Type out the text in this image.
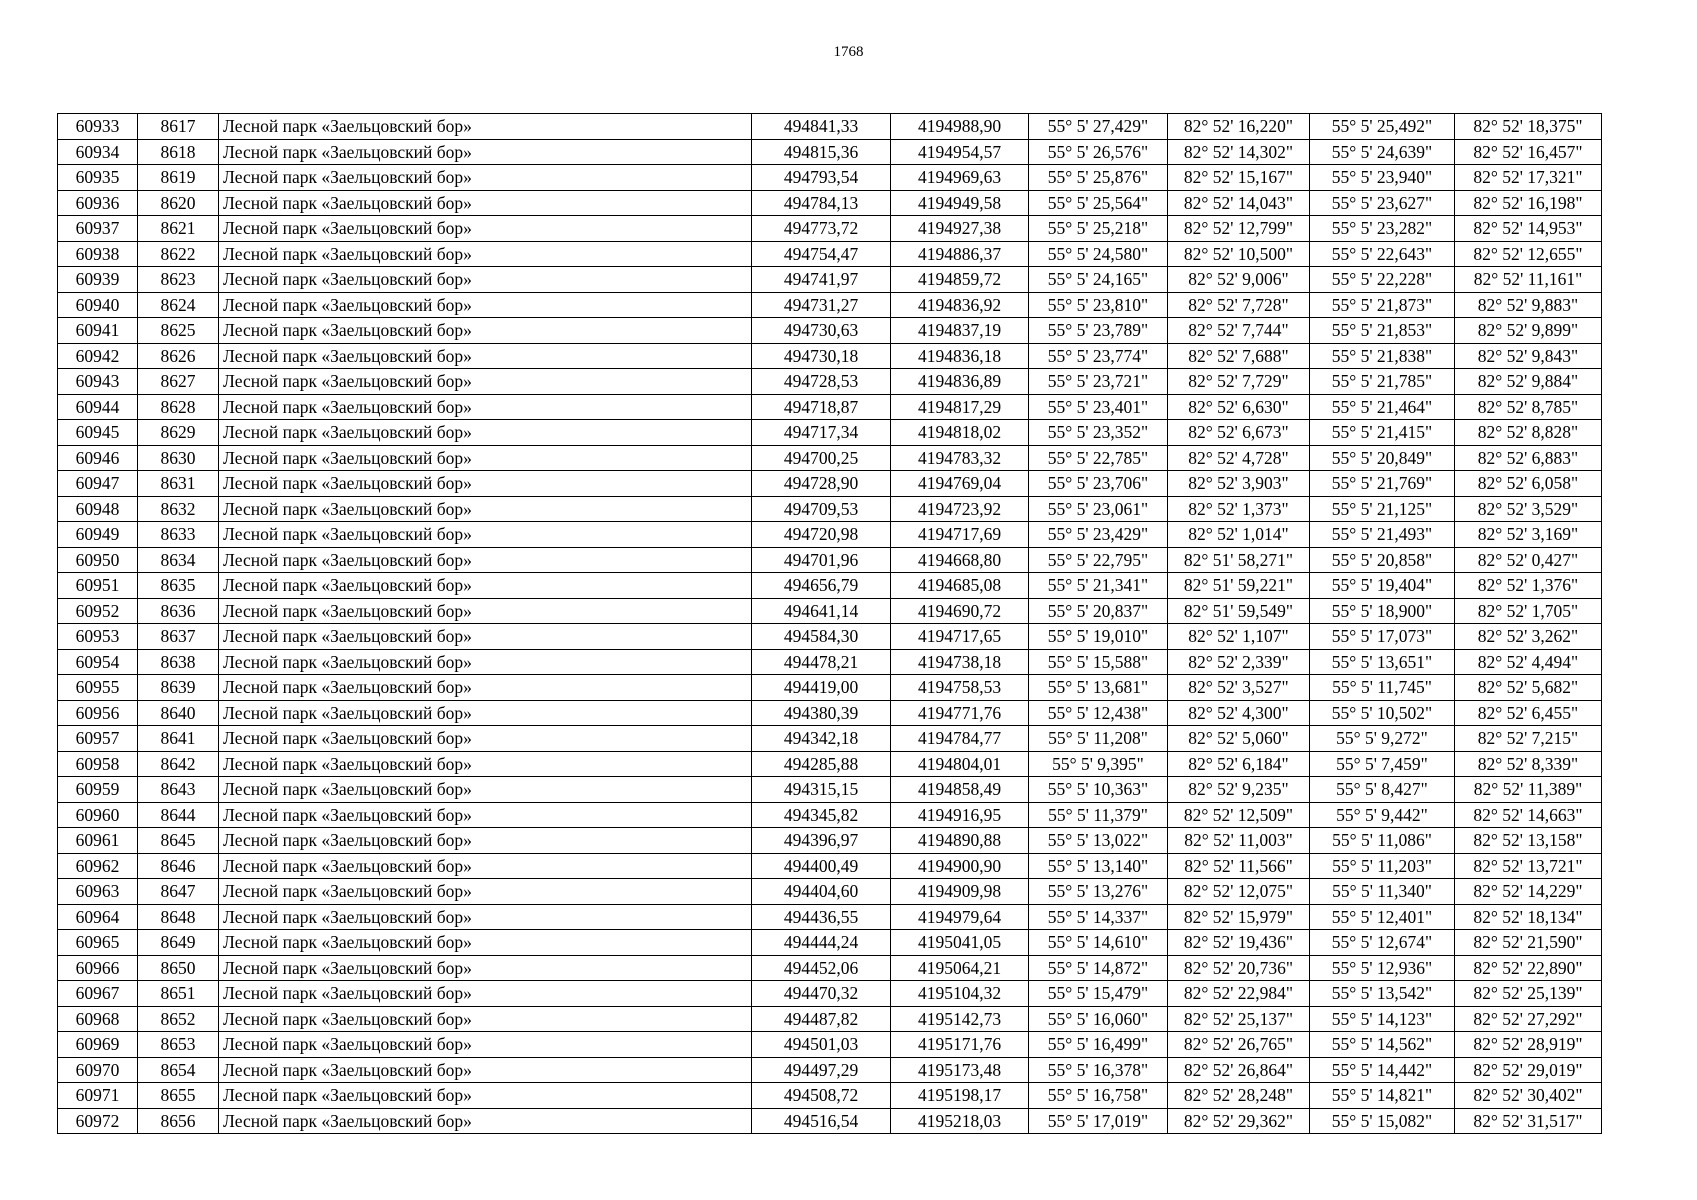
1768
60933	8617	Лесной парк «Заельцовский бор»	494841,33	4194988,90	55° 5' 27,429"	82° 52' 16,220"	55° 5' 25,492"	82° 52' 18,375"
60934	8618	Лесной парк «Заельцовский бор»	494815,36	4194954,57	55° 5' 26,576"	82° 52' 14,302"	55° 5' 24,639"	82° 52' 16,457"
60935	8619	Лесной парк «Заельцовский бор»	494793,54	4194969,63	55° 5' 25,876"	82° 52' 15,167"	55° 5' 23,940"	82° 52' 17,321"
60936	8620	Лесной парк «Заельцовский бор»	494784,13	4194949,58	55° 5' 25,564"	82° 52' 14,043"	55° 5' 23,627"	82° 52' 16,198"
60937	8621	Лесной парк «Заельцовский бор»	494773,72	4194927,38	55° 5' 25,218"	82° 52' 12,799"	55° 5' 23,282"	82° 52' 14,953"
60938	8622	Лесной парк «Заельцовский бор»	494754,47	4194886,37	55° 5' 24,580"	82° 52' 10,500"	55° 5' 22,643"	82° 52' 12,655"
60939	8623	Лесной парк «Заельцовский бор»	494741,97	4194859,72	55° 5' 24,165"	82° 52' 9,006"	55° 5' 22,228"	82° 52' 11,161"
60940	8624	Лесной парк «Заельцовский бор»	494731,27	4194836,92	55° 5' 23,810"	82° 52' 7,728"	55° 5' 21,873"	82° 52' 9,883"
60941	8625	Лесной парк «Заельцовский бор»	494730,63	4194837,19	55° 5' 23,789"	82° 52' 7,744"	55° 5' 21,853"	82° 52' 9,899"
60942	8626	Лесной парк «Заельцовский бор»	494730,18	4194836,18	55° 5' 23,774"	82° 52' 7,688"	55° 5' 21,838"	82° 52' 9,843"
60943	8627	Лесной парк «Заельцовский бор»	494728,53	4194836,89	55° 5' 23,721"	82° 52' 7,729"	55° 5' 21,785"	82° 52' 9,884"
60944	8628	Лесной парк «Заельцовский бор»	494718,87	4194817,29	55° 5' 23,401"	82° 52' 6,630"	55° 5' 21,464"	82° 52' 8,785"
60945	8629	Лесной парк «Заельцовский бор»	494717,34	4194818,02	55° 5' 23,352"	82° 52' 6,673"	55° 5' 21,415"	82° 52' 8,828"
60946	8630	Лесной парк «Заельцовский бор»	494700,25	4194783,32	55° 5' 22,785"	82° 52' 4,728"	55° 5' 20,849"	82° 52' 6,883"
60947	8631	Лесной парк «Заельцовский бор»	494728,90	4194769,04	55° 5' 23,706"	82° 52' 3,903"	55° 5' 21,769"	82° 52' 6,058"
60948	8632	Лесной парк «Заельцовский бор»	494709,53	4194723,92	55° 5' 23,061"	82° 52' 1,373"	55° 5' 21,125"	82° 52' 3,529"
60949	8633	Лесной парк «Заельцовский бор»	494720,98	4194717,69	55° 5' 23,429"	82° 52' 1,014"	55° 5' 21,493"	82° 52' 3,169"
60950	8634	Лесной парк «Заельцовский бор»	494701,96	4194668,80	55° 5' 22,795"	82° 51' 58,271"	55° 5' 20,858"	82° 52' 0,427"
60951	8635	Лесной парк «Заельцовский бор»	494656,79	4194685,08	55° 5' 21,341"	82° 51' 59,221"	55° 5' 19,404"	82° 52' 1,376"
60952	8636	Лесной парк «Заельцовский бор»	494641,14	4194690,72	55° 5' 20,837"	82° 51' 59,549"	55° 5' 18,900"	82° 52' 1,705"
60953	8637	Лесной парк «Заельцовский бор»	494584,30	4194717,65	55° 5' 19,010"	82° 52' 1,107"	55° 5' 17,073"	82° 52' 3,262"
60954	8638	Лесной парк «Заельцовский бор»	494478,21	4194738,18	55° 5' 15,588"	82° 52' 2,339"	55° 5' 13,651"	82° 52' 4,494"
60955	8639	Лесной парк «Заельцовский бор»	494419,00	4194758,53	55° 5' 13,681"	82° 52' 3,527"	55° 5' 11,745"	82° 52' 5,682"
60956	8640	Лесной парк «Заельцовский бор»	494380,39	4194771,76	55° 5' 12,438"	82° 52' 4,300"	55° 5' 10,502"	82° 52' 6,455"
60957	8641	Лесной парк «Заельцовский бор»	494342,18	4194784,77	55° 5' 11,208"	82° 52' 5,060"	55° 5' 9,272"	82° 52' 7,215"
60958	8642	Лесной парк «Заельцовский бор»	494285,88	4194804,01	55° 5' 9,395"	82° 52' 6,184"	55° 5' 7,459"	82° 52' 8,339"
60959	8643	Лесной парк «Заельцовский бор»	494315,15	4194858,49	55° 5' 10,363"	82° 52' 9,235"	55° 5' 8,427"	82° 52' 11,389"
60960	8644	Лесной парк «Заельцовский бор»	494345,82	4194916,95	55° 5' 11,379"	82° 52' 12,509"	55° 5' 9,442"	82° 52' 14,663"
60961	8645	Лесной парк «Заельцовский бор»	494396,97	4194890,88	55° 5' 13,022"	82° 52' 11,003"	55° 5' 11,086"	82° 52' 13,158"
60962	8646	Лесной парк «Заельцовский бор»	494400,49	4194900,90	55° 5' 13,140"	82° 52' 11,566"	55° 5' 11,203"	82° 52' 13,721"
60963	8647	Лесной парк «Заельцовский бор»	494404,60	4194909,98	55° 5' 13,276"	82° 52' 12,075"	55° 5' 11,340"	82° 52' 14,229"
60964	8648	Лесной парк «Заельцовский бор»	494436,55	4194979,64	55° 5' 14,337"	82° 52' 15,979"	55° 5' 12,401"	82° 52' 18,134"
60965	8649	Лесной парк «Заельцовский бор»	494444,24	4195041,05	55° 5' 14,610"	82° 52' 19,436"	55° 5' 12,674"	82° 52' 21,590"
60966	8650	Лесной парк «Заельцовский бор»	494452,06	4195064,21	55° 5' 14,872"	82° 52' 20,736"	55° 5' 12,936"	82° 52' 22,890"
60967	8651	Лесной парк «Заельцовский бор»	494470,32	4195104,32	55° 5' 15,479"	82° 52' 22,984"	55° 5' 13,542"	82° 52' 25,139"
60968	8652	Лесной парк «Заельцовский бор»	494487,82	4195142,73	55° 5' 16,060"	82° 52' 25,137"	55° 5' 14,123"	82° 52' 27,292"
60969	8653	Лесной парк «Заельцовский бор»	494501,03	4195171,76	55° 5' 16,499"	82° 52' 26,765"	55° 5' 14,562"	82° 52' 28,919"
60970	8654	Лесной парк «Заельцовский бор»	494497,29	4195173,48	55° 5' 16,378"	82° 52' 26,864"	55° 5' 14,442"	82° 52' 29,019"
60971	8655	Лесной парк «Заельцовский бор»	494508,72	4195198,17	55° 5' 16,758"	82° 52' 28,248"	55° 5' 14,821"	82° 52' 30,402"
60972	8656	Лесной парк «Заельцовский бор»	494516,54	4195218,03	55° 5' 17,019"	82° 52' 29,362"	55° 5' 15,082"	82° 52' 31,517"
